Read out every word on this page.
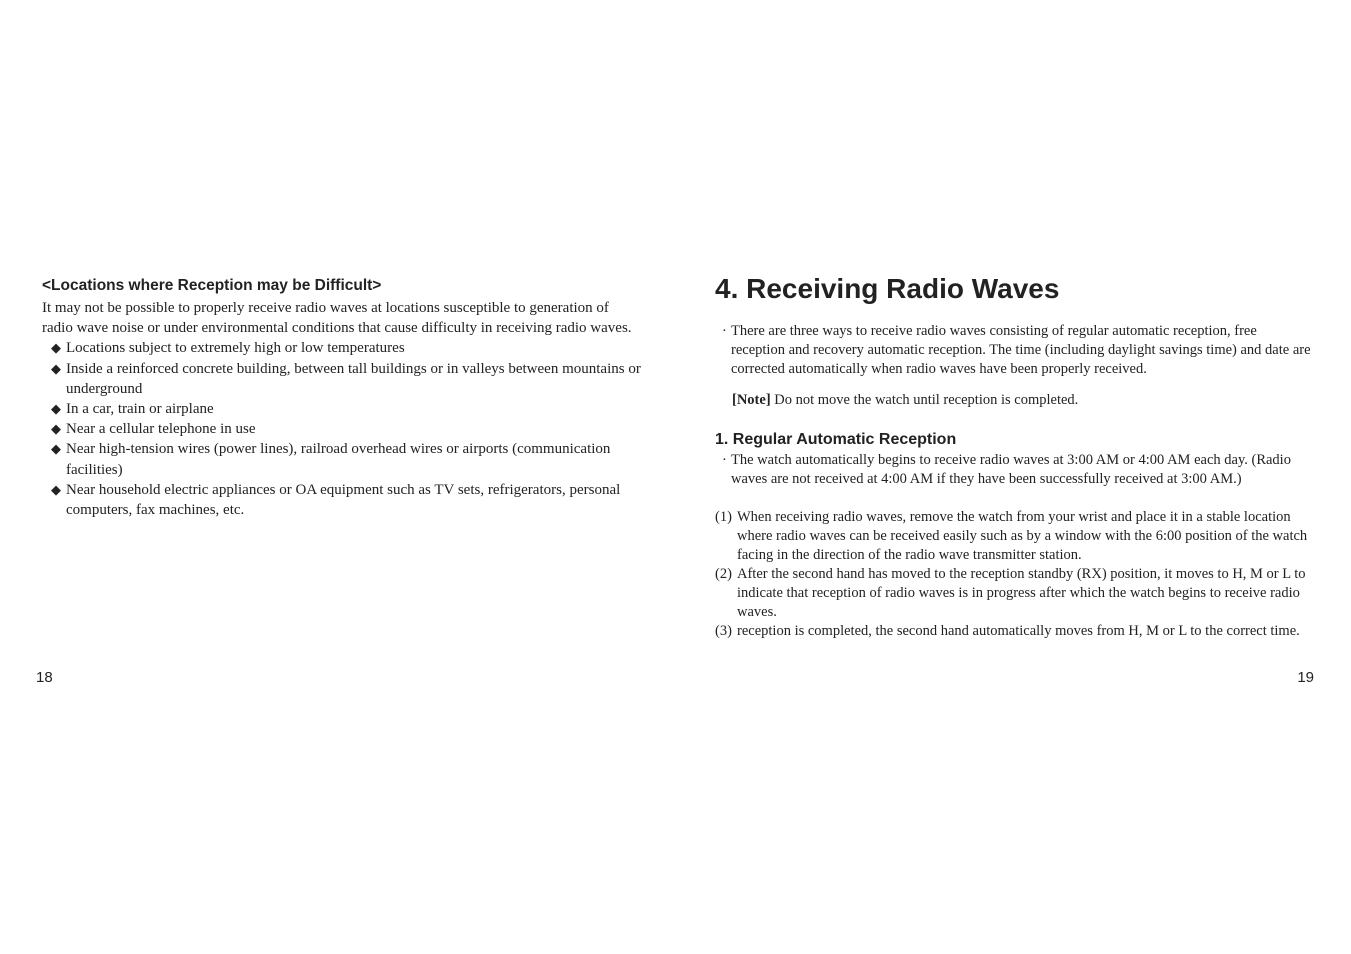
<Locations where Reception may be Difficult>

It may not be possible to properly receive radio waves at locations susceptible to generation of radio wave noise or under environmental conditions that cause difficulty in receiving radio waves.

◆ Locations subject to extremely high or low temperatures
◆ Inside a reinforced concrete building, between tall buildings or in valleys between mountains or underground
◆ In a car, train or airplane
◆ Near a cellular telephone in use
◆ Near high-tension wires (power lines), railroad overhead wires or airports (communication facilities)
◆ Near household electric appliances or OA equipment such as TV sets, refrigerators, personal computers, fax machines, etc.
18
4. Receiving Radio Waves
· There are three ways to receive radio waves consisting of regular automatic reception, free reception and recovery automatic reception. The time (including daylight savings time) and date are corrected automatically when radio waves have been properly received.
[Note] Do not move the watch until reception is completed.
1. Regular Automatic Reception
· The watch automatically begins to receive radio waves at 3:00 AM or 4:00 AM each day. (Radio waves are not received at 4:00 AM if they have been successfully received at 3:00 AM.)
(1) When receiving radio waves, remove the watch from your wrist and place it in a stable location where radio waves can be received easily such as by a window with the 6:00 position of the watch facing in the direction of the radio wave transmitter station.
(2) After the second hand has moved to the reception standby (RX) position, it moves to H, M or L to indicate that reception of radio waves is in progress after which the watch begins to receive radio waves.
(3) reception is completed, the second hand automatically moves from H, M or L to the correct time.
19
